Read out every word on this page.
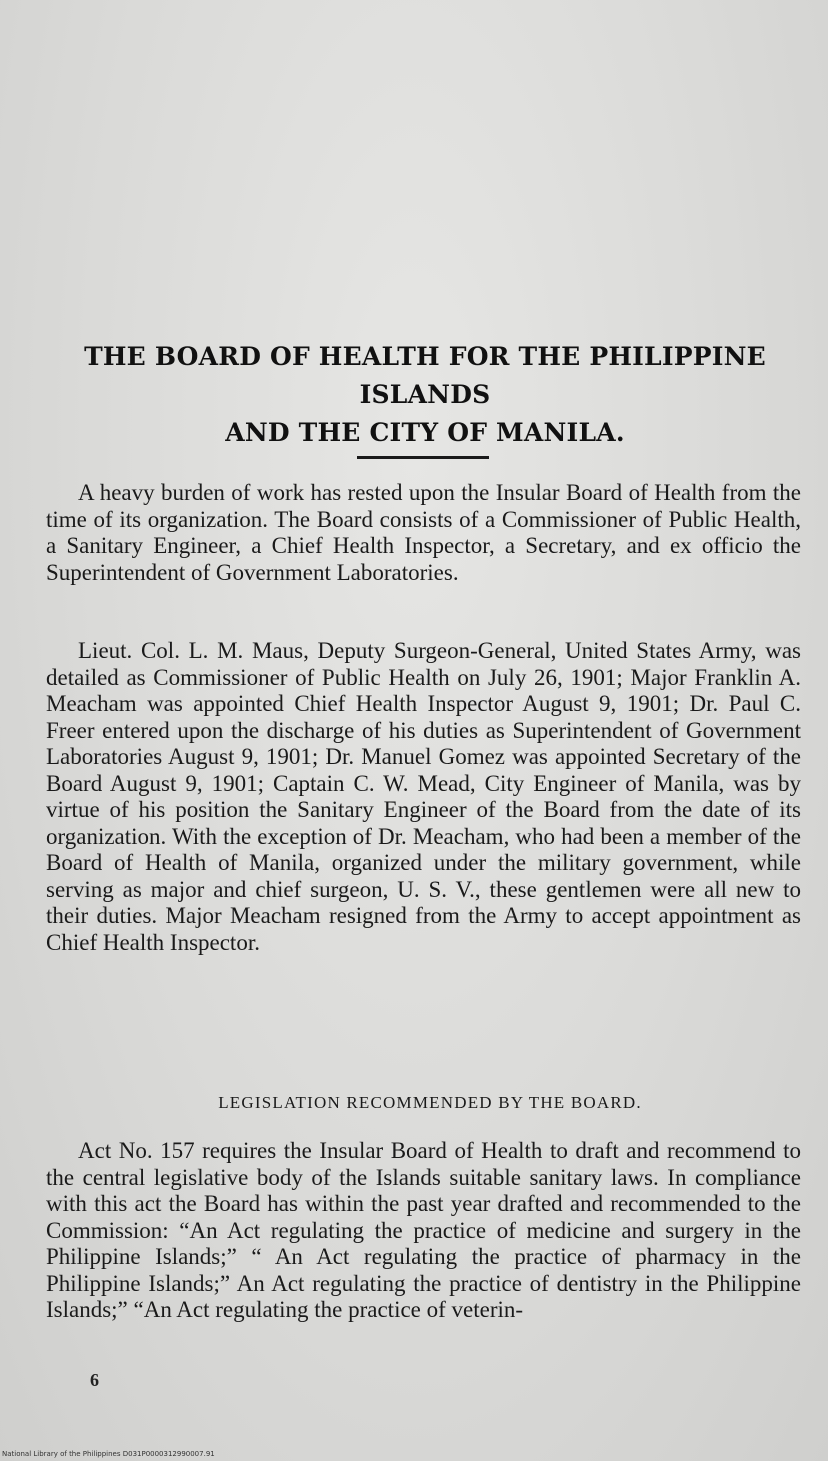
THE BOARD OF HEALTH FOR THE PHILIPPINE ISLANDS
AND THE CITY OF MANILA.

A heavy burden of work has rested upon the Insular Board of Health from the time of its organization. The Board consists of a Commissioner of Public Health, a Sanitary Engineer, a Chief Health Inspector, a Secretary, and ex officio the Superintendent of Government Laboratories.

Lieut. Col. L. M. Maus, Deputy Surgeon-General, United States Army, was detailed as Commissioner of Public Health on July 26, 1901; Major Franklin A. Meacham was appointed Chief Health Inspector August 9, 1901; Dr. Paul C. Freer entered upon the discharge of his duties as Superintendent of Government Laboratories August 9, 1901; Dr. Manuel Gomez was appointed Secretary of the Board August 9, 1901; Captain C. W. Mead, City Engineer of Manila, was by virtue of his position the Sanitary Engineer of the Board from the date of its organization. With the exception of Dr. Meacham, who had been a member of the Board of Health of Manila, organized under the military government, while serving as major and chief surgeon, U. S. V., these gentlemen were all new to their duties. Major Meacham resigned from the Army to accept appointment as Chief Health Inspector.

LEGISLATION RECOMMENDED BY THE BOARD.

Act No. 157 requires the Insular Board of Health to draft and recommend to the central legislative body of the Islands suitable sanitary laws. In compliance with this act the Board has within the past year drafted and recommended to the Commission: “An Act regulating the practice of medicine and surgery in the Philippine Islands;” “ An Act regulating the practice of pharmacy in the Philippine Islands;” An Act regulating the practice of dentistry in the Philippine Islands;” “An Act regulating the practice of veterin-

6
National Library of the Philippines D031P0000312990007.91
